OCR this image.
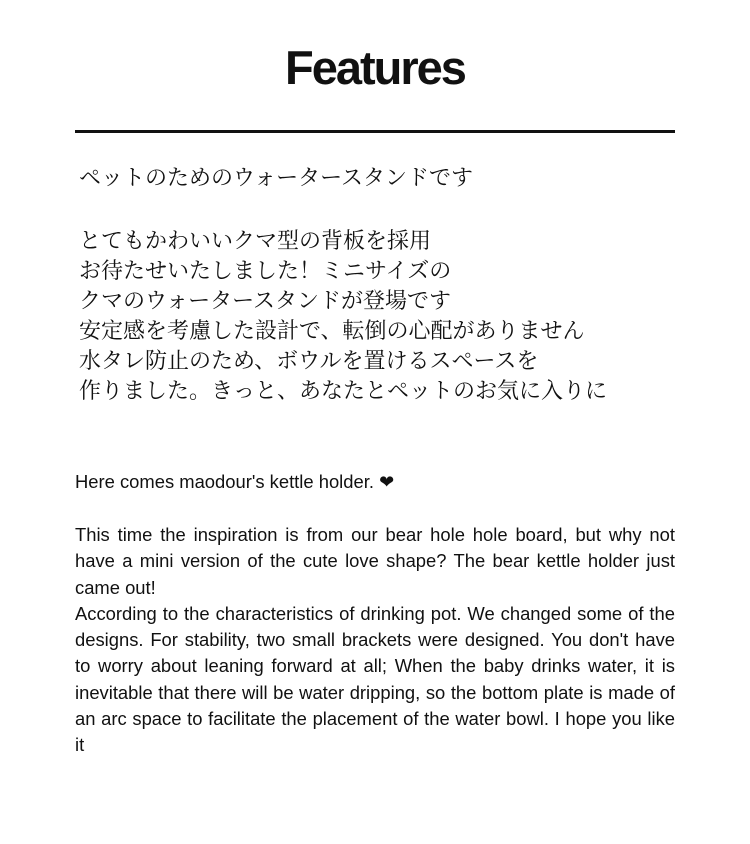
Features
ペットのためのウォータースタンドです
とてもかわいいクマ型の背板を採用
お待たせいたしました！ミニサイズの
クマのウォータースタンドが登場です
安定感を考慮した設計で、転倒の心配がありません
水タレ防止のため、ボウルを置けるスペースを
作りました。きっと、あなたとペットのお気に入りに
Here comes maodour's kettle holder. ❤

This time the inspiration is from our bear hole hole board, but why not have a mini version of the cute love shape? The bear kettle holder just came out!

According to the characteristics of drinking pot. We changed some of the designs. For stability, two small brackets were designed. You don't have to worry about leaning forward at all; When the baby drinks water, it is inevitable that there will be water dripping, so the bottom plate is made of an arc space to facilitate the placement of the water bowl. I hope you like it
